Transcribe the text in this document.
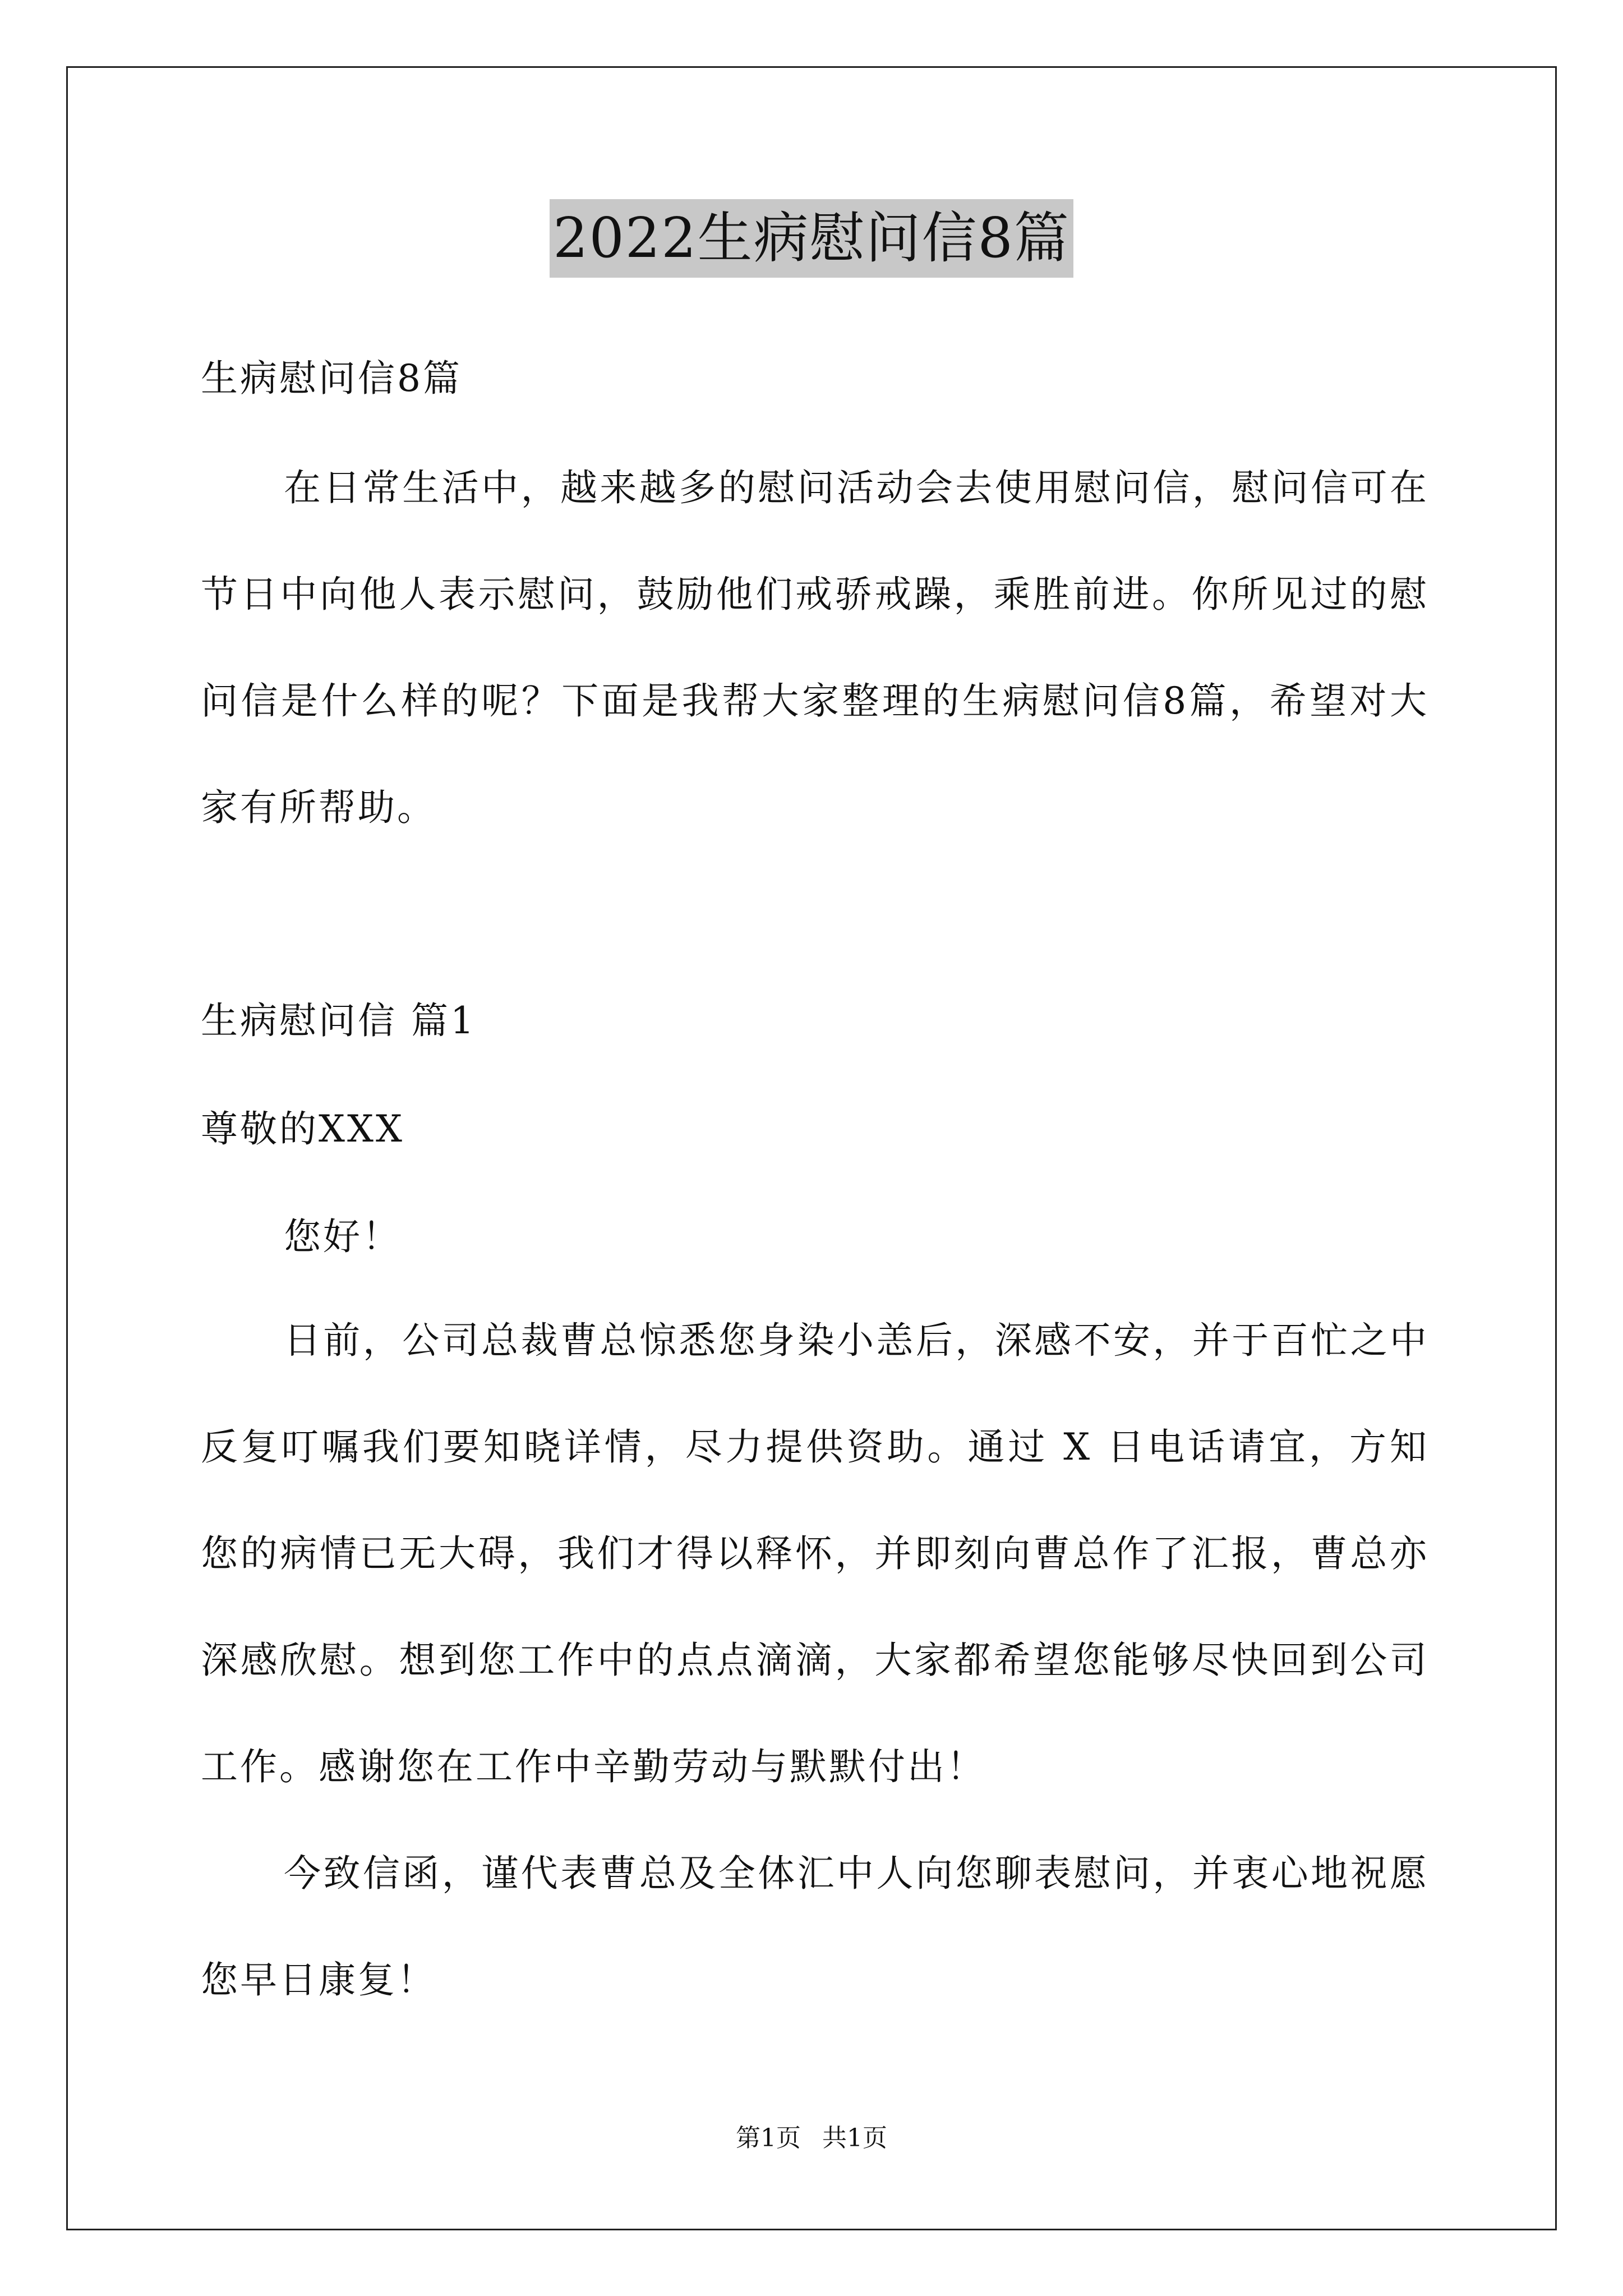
2022生病慰问信8篇
生病慰问信8篇
在日常生活中，越来越多的慰问活动会去使用慰问信，慰问信可在节日中向他人表示慰问，鼓励他们戒骄戒躁，乘胜前进。你所见过的慰问信是什么样的呢？下面是我帮大家整理的生病慰问信8篇，希望对大家有所帮助。
生病慰问信 篇1
尊敬的XXX
您好！
日前，公司总裁曹总惊悉您身染小恙后，深感不安，并于百忙之中反复叮嘱我们要知晓详情，尽力提供资助。通过 X 日电话请宜，方知您的病情已无大碍，我们才得以释怀，并即刻向曹总作了汇报，曹总亦深感欣慰。想到您工作中的点点滴滴，大家都希望您能够尽快回到公司工作。感谢您在工作中辛勤劳动与默默付出！
今致信函，谨代表曹总及全体汇中人向您聊表慰问，并衷心地祝愿您早日康复！
第1页 共1页
